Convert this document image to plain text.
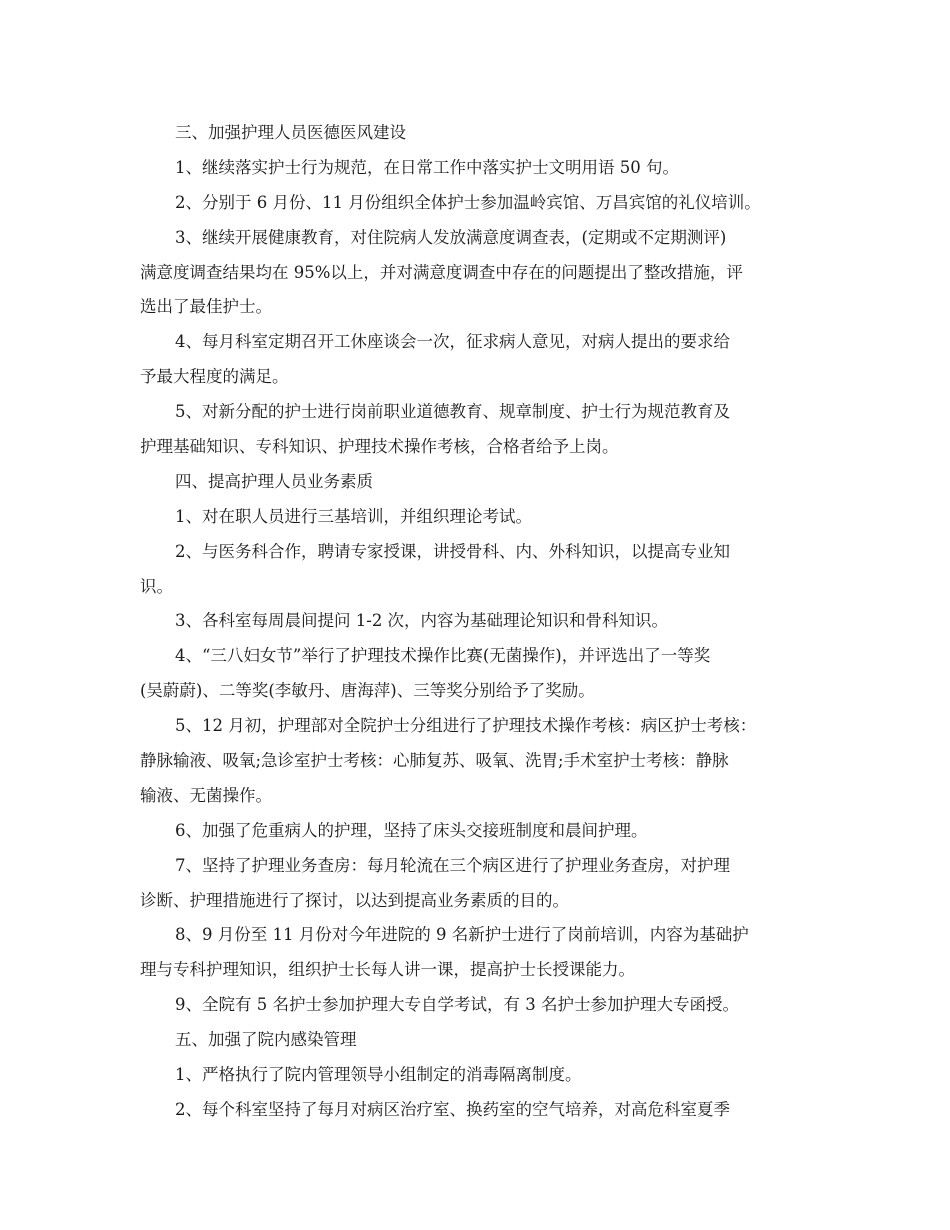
三、加强护理人员医德医风建设
1、继续落实护士行为规范，在日常工作中落实护士文明用语 50 句。
2、分别于 6 月份、11 月份组织全体护士参加温岭宾馆、万昌宾馆的礼仪培训。
3、继续开展健康教育，对住院病人发放满意度调查表，(定期或不定期测评)
满意度调查结果均在 95%以上，并对满意度调查中存在的问题提出了整改措施，评
选出了最佳护士。
4、每月科室定期召开工休座谈会一次，征求病人意见，对病人提出的要求给
予最大程度的满足。
5、对新分配的护士进行岗前职业道德教育、规章制度、护士行为规范教育及
护理基础知识、专科知识、护理技术操作考核，合格者给予上岗。
四、提高护理人员业务素质
1、对在职人员进行三基培训，并组织理论考试。
2、与医务科合作，聘请专家授课，讲授骨科、内、外科知识，以提高专业知
识。
3、各科室每周晨间提问 1-2 次，内容为基础理论知识和骨科知识。
4、“三八妇女节”举行了护理技术操作比赛(无菌操作)，并评选出了一等奖
(吴蔚蔚)、二等奖(李敏丹、唐海萍)、三等奖分别给予了奖励。
5、12 月初，护理部对全院护士分组进行了护理技术操作考核：病区护士考核：
静脉输液、吸氧;急诊室护士考核：心肺复苏、吸氧、洗胃;手术室护士考核：静脉
输液、无菌操作。
6、加强了危重病人的护理，坚持了床头交接班制度和晨间护理。
7、坚持了护理业务查房：每月轮流在三个病区进行了护理业务查房，对护理
诊断、护理措施进行了探讨，以达到提高业务素质的目的。
8、9 月份至 11 月份对今年进院的 9 名新护士进行了岗前培训，内容为基础护
理与专科护理知识，组织护士长每人讲一课，提高护士长授课能力。
9、全院有 5 名护士参加护理大专自学考试，有 3 名护士参加护理大专函授。
五、加强了院内感染管理
1、严格执行了院内管理领导小组制定的消毒隔离制度。
2、每个科室坚持了每月对病区治疗室、换药室的空气培养，对高危科室夏季
